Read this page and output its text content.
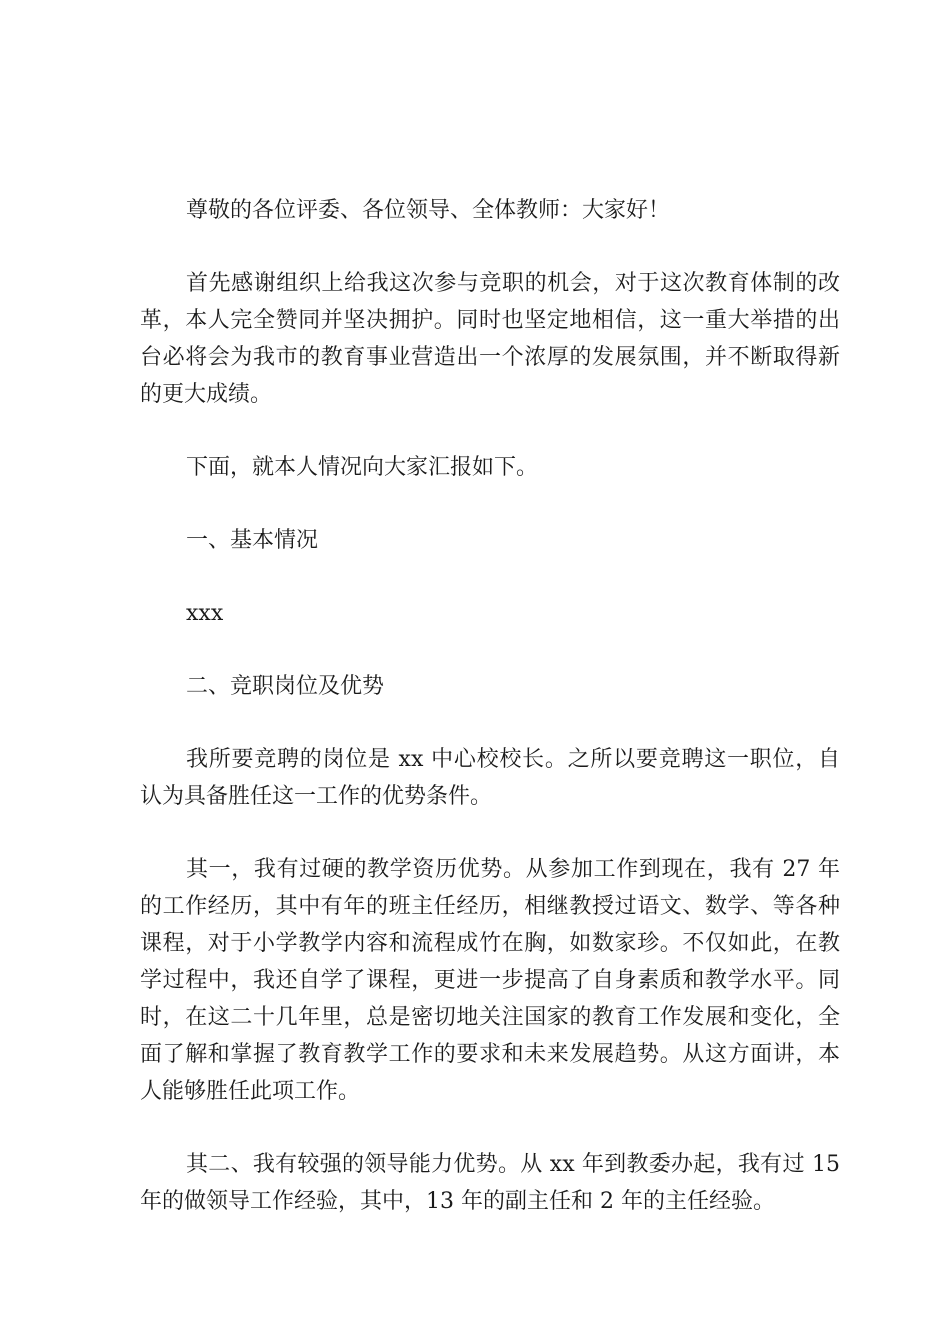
尊敬的各位评委、各位领导、全体教师：大家好！

首先感谢组织上给我这次参与竞职的机会，对于这次教育体制的改革，本人完全赞同并坚决拥护。同时也坚定地相信，这一重大举措的出台必将会为我市的教育事业营造出一个浓厚的发展氛围，并不断取得新的更大成绩。

下面，就本人情况向大家汇报如下。

一、基本情况

xxx

二、竞职岗位及优势

我所要竞聘的岗位是 xx 中心校校长。之所以要竞聘这一职位，自认为具备胜任这一工作的优势条件。

其一，我有过硬的教学资历优势。从参加工作到现在，我有 27 年的工作经历，其中有年的班主任经历，相继教授过语文、数学、等各种课程，对于小学教学内容和流程成竹在胸，如数家珍。不仅如此，在教学过程中，我还自学了课程，更进一步提高了自身素质和教学水平。同时，在这二十几年里，总是密切地关注国家的教育工作发展和变化，全面了解和掌握了教育教学工作的要求和未来发展趋势。从这方面讲，本人能够胜任此项工作。

其二、我有较强的领导能力优势。从 xx 年到教委办起，我有过 15 年的做领导工作经验，其中，13 年的副主任和 2 年的主任经验。
